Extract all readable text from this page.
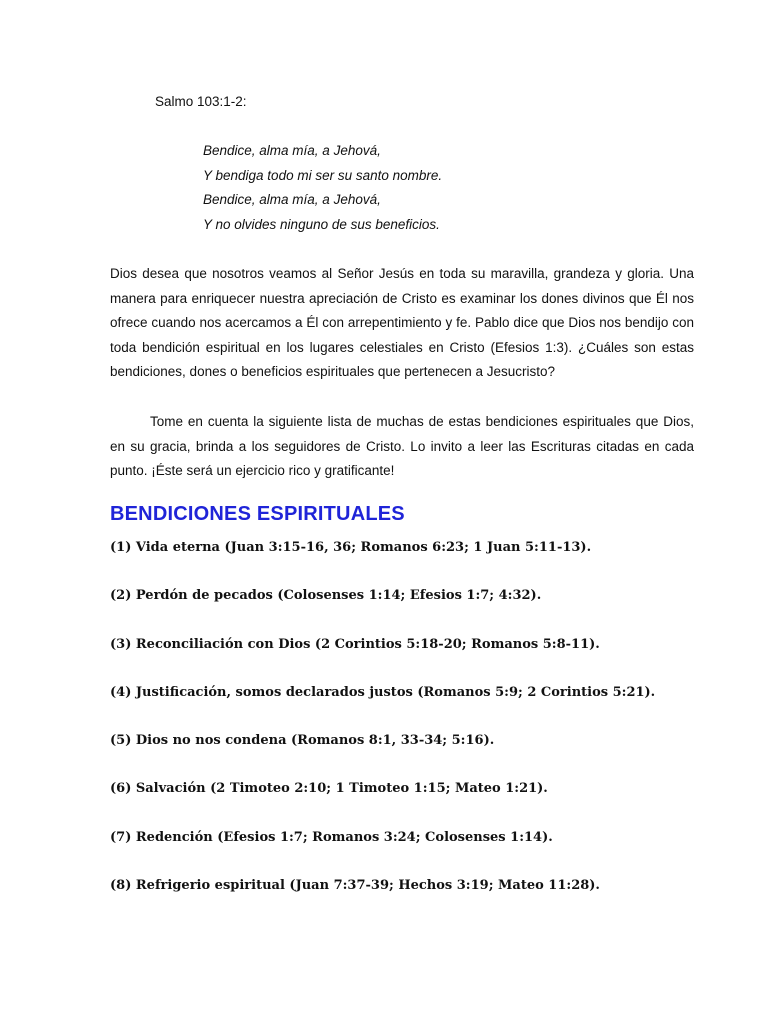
Salmo 103:1-2:

Bendice, alma mía, a Jehová,
Y bendiga todo mi ser su santo nombre.
Bendice, alma mía, a Jehová,
Y no olvides ninguno de sus beneficios.

Dios desea que nosotros veamos al Señor Jesús en toda su maravilla, grandeza y gloria. Una manera para enriquecer nuestra apreciación de Cristo es examinar los dones divinos que Él nos ofrece cuando nos acercamos a Él con arrepentimiento y fe. Pablo dice que Dios nos bendijo con toda bendición espiritual en los lugares celestiales en Cristo (Efesios 1:3). ¿Cuáles son estas bendiciones, dones o beneficios espirituales que pertenecen a Jesucristo?

Tome en cuenta la siguiente lista de muchas de estas bendiciones espirituales que Dios, en su gracia, brinda a los seguidores de Cristo. Lo invito a leer las Escrituras citadas en cada punto. ¡Éste será un ejercicio rico y gratificante!

BENDICIONES ESPIRITUALES
(1) Vida eterna (Juan 3:15-16, 36; Romanos 6:23; 1 Juan 5:11-13).
(2) Perdón de pecados (Colosenses 1:14; Efesios 1:7; 4:32).
(3) Reconciliación con Dios (2 Corintios 5:18-20; Romanos 5:8-11).
(4) Justificación, somos declarados justos (Romanos 5:9; 2 Corintios 5:21).
(5) Dios no nos condena (Romanos 8:1, 33-34; 5:16).
(6) Salvación (2 Timoteo 2:10; 1 Timoteo 1:15; Mateo 1:21).
(7) Redención (Efesios 1:7; Romanos 3:24; Colosenses 1:14).
(8) Refrigerio espiritual (Juan 7:37-39; Hechos 3:19; Mateo 11:28).
